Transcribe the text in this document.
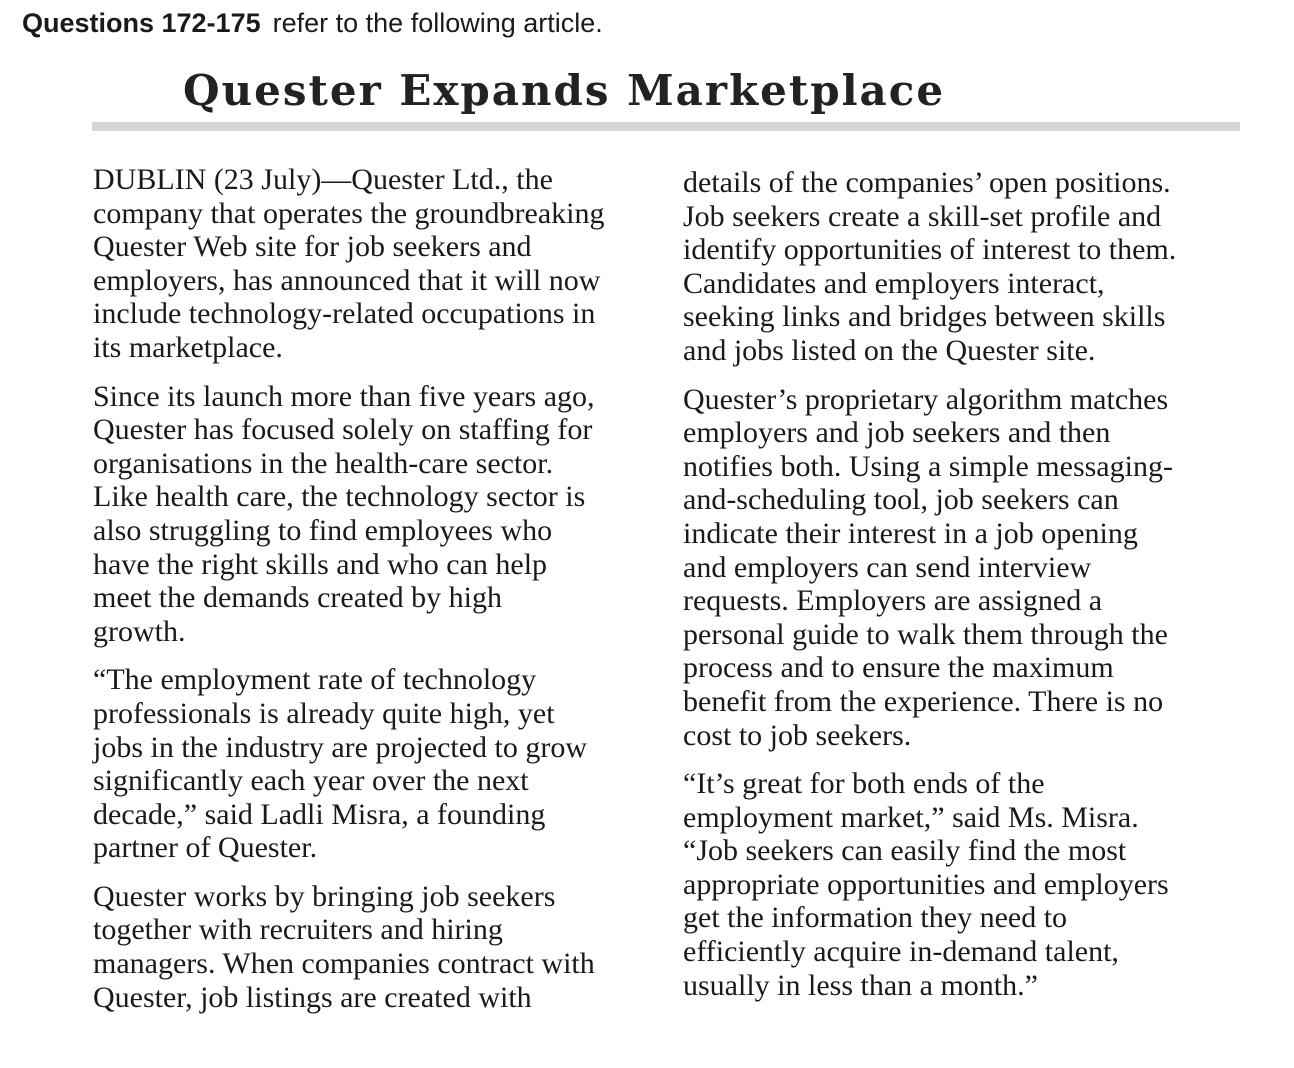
Questions 172-175 refer to the following article.
Quester Expands Marketplace
DUBLIN (23 July)—Quester Ltd., the
company that operates the groundbreaking
Quester Web site for job seekers and
employers, has announced that it will now
include technology-related occupations in
its marketplace.
Since its launch more than five years ago,
Quester has focused solely on staffing for
organisations in the health-care sector.
Like health care, the technology sector is
also struggling to find employees who
have the right skills and who can help
meet the demands created by high
growth.
“The employment rate of technology
professionals is already quite high, yet
jobs in the industry are projected to grow
significantly each year over the next
decade,” said Ladli Misra, a founding
partner of Quester.
Quester works by bringing job seekers
together with recruiters and hiring
managers. When companies contract with
Quester, job listings are created with
details of the companies’ open positions.
Job seekers create a skill-set profile and
identify opportunities of interest to them.
Candidates and employers interact,
seeking links and bridges between skills
and jobs listed on the Quester site.
Quester’s proprietary algorithm matches
employers and job seekers and then
notifies both. Using a simple messaging-
and-scheduling tool, job seekers can
indicate their interest in a job opening
and employers can send interview
requests. Employers are assigned a
personal guide to walk them through the
process and to ensure the maximum
benefit from the experience. There is no
cost to job seekers.
“It’s great for both ends of the
employment market,” said Ms. Misra.
“Job seekers can easily find the most
appropriate opportunities and employers
get the information they need to
efficiently acquire in-demand talent,
usually in less than a month.”
